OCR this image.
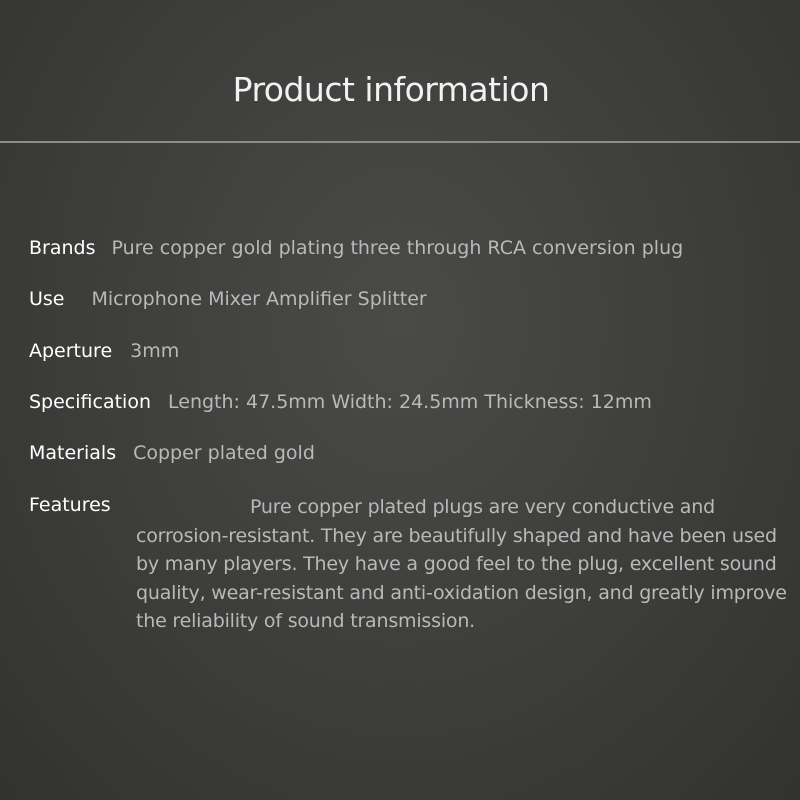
Product information
Brands Pure copper gold plating three through RCA conversion plug
Use Microphone Mixer Amplifier Splitter
Aperture 3mm
Specification Length: 47.5mm Width: 24.5mm Thickness: 12mm
Materials Copper plated gold
Features	Pure copper plated plugs are very conductive and corrosion-resistant. They are beautifully shaped and have been used by many players. They have a good feel to the plug, excellent sound quality, wear-resistant and anti-oxidation design, and greatly improve the reliability of sound transmission.
